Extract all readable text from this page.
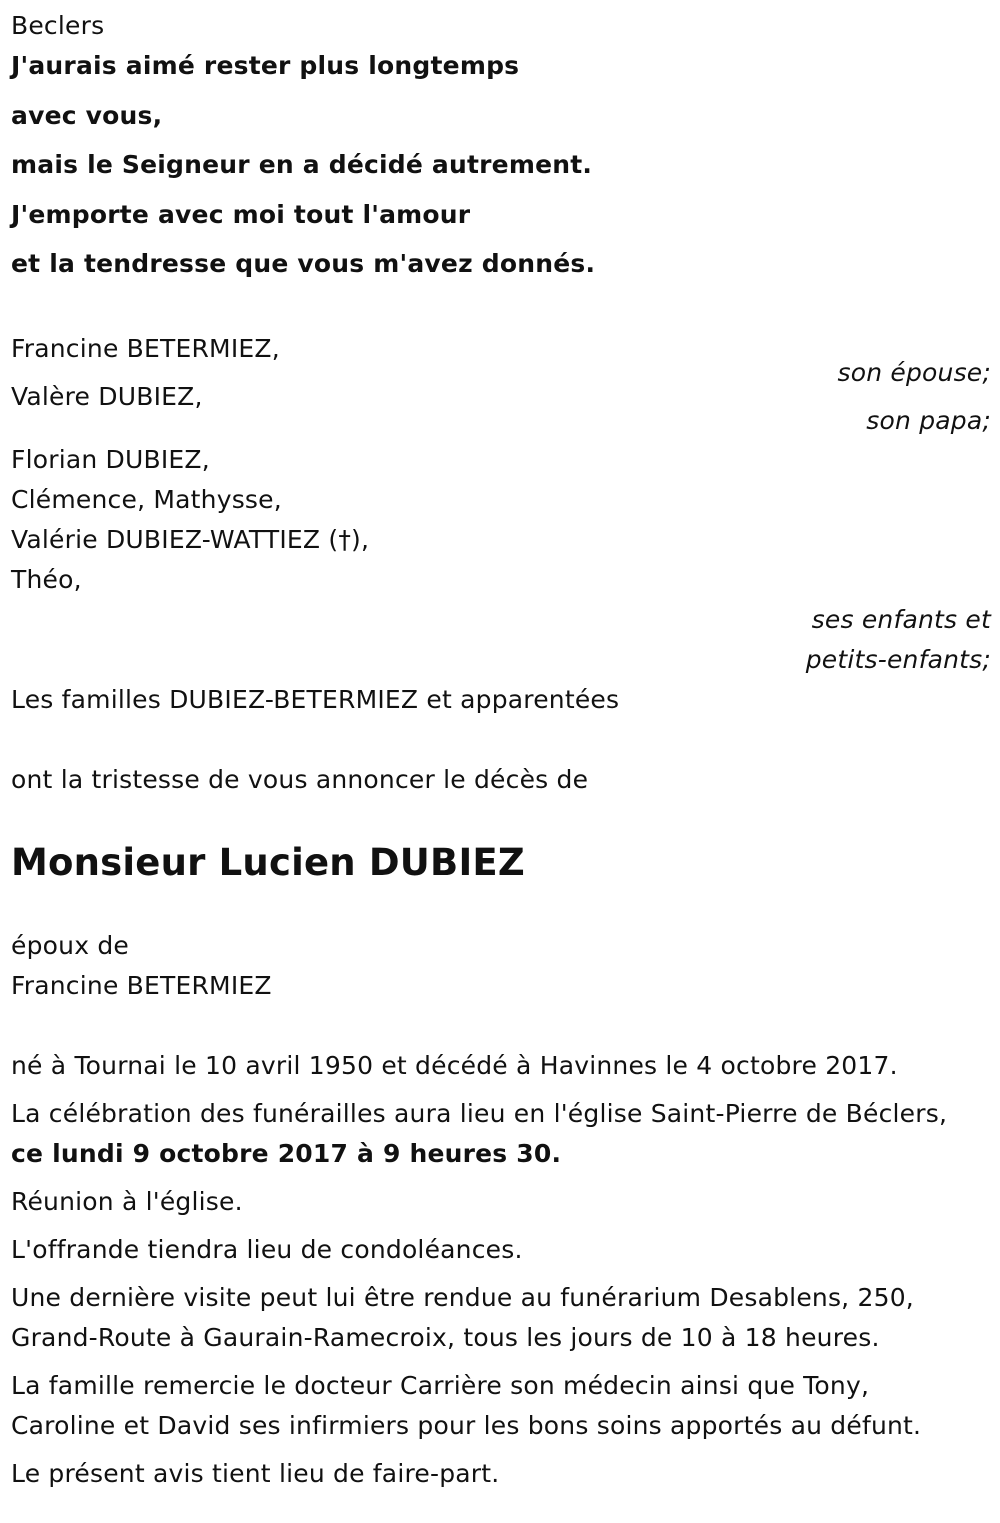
Beclers
J'aurais aimé rester plus longtemps
avec vous,
mais le Seigneur en a décidé autrement.
J'emporte avec moi tout l'amour
et la tendresse que vous m'avez donnés.
Francine BETERMIEZ,
son épouse;
Valère DUBIEZ,
son papa;
Florian DUBIEZ,
Clémence, Mathysse,
Valérie DUBIEZ-WATTIEZ (†),
Théo,
ses enfants et
petits-enfants;
Les familles DUBIEZ-BETERMIEZ et apparentées
ont la tristesse de vous annoncer le décès de
Monsieur Lucien DUBIEZ
époux de
Francine BETERMIEZ
né à Tournai le 10 avril 1950 et décédé à Havinnes le 4 octobre 2017.
La célébration des funérailles aura lieu en l'église Saint-Pierre de Béclers,
ce lundi 9 octobre 2017 à 9 heures 30.
Réunion à l'église.
L'offrande tiendra lieu de condoléances.
Une dernière visite peut lui être rendue au funérarium Desablens, 250,
Grand-Route à Gaurain-Ramecroix, tous les jours de 10 à 18 heures.
La famille remercie le docteur Carrière son médecin ainsi que Tony,
Caroline et David ses infirmiers pour les bons soins apportés au défunt.
Le présent avis tient lieu de faire-part.
